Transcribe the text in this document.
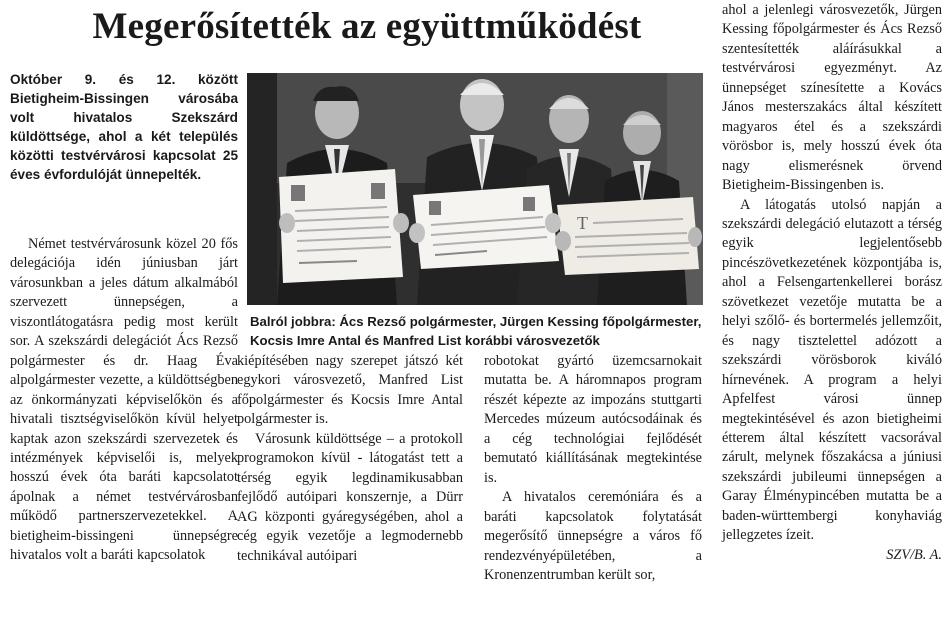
Megerősítették az együttműködést

Október 9. és 12. között Bietigheim-Bissingen városába volt hivatalos Szekszárd küldöttsége, ahol a két település közötti testvérvárosi kapcsolat 25 éves évfordulóját ünnepelték.

Német testvérvárosunk közel 20 fős delegációja idén júniusban járt városunkban a jeles dátum alkalmából szervezett ünnepségen, a viszontlátogatásra pedig most került sor. A szekszárdi delegációt Ács Rezső polgármester és dr. Haag Éva alpolgármester vezette, a küldöttségben az önkormányzati képviselőkön és a hivatali tisztségviselőkön kívül helyet kaptak azon szekszárdi szervezetek és intézmények képviselői is, melyek hosszú évek óta baráti kapcsolatot ápolnak a német testvérvárosban működő partnerszervezetekkel. A bietigheim-bissingeni ünnepségre hivatalos volt a baráti kapcsolatok

T

Balról jobbra: Ács Rezső polgármester, Jürgen Kessing főpolgármester, Kocsis Imre Antal és Manfred List korábbi városvezetők

kiépítésében nagy szerepet játszó két egykori városvezető, Manfred List főpolgármester és Kocsis Imre Antal polgármester is.

Városunk küldöttsége – a protokoll programokon kívül - látogatást tett a térség egyik legdinamikusabban fejlődő autóipari konszernje, a Dürr AG központi gyáregységében, ahol a cég egyik vezetője a legmodernebb technikával autóipari

robotokat gyártó üzemcsarnokait mutatta be. A háromnapos program részét képezte az impozáns stuttgarti Mercedes múzeum autócsodáinak és a cég technológiai fejlődését bemutató kiállításának megtekintése is.

A hivatalos ceremóniára és a baráti kapcsolatok folytatását megerősítő ünnepségre a város fő rendezvényépületében, a Kronenzentrumban került sor,

ahol a jelenlegi városvezetők, Jürgen Kessing főpolgármester és Ács Rezső szentesítették aláírásukkal a testvérvárosi egyezményt. Az ünnepséget színesítette a Kovács János mesterszakács által készített magyaros étel és a szekszárdi vörösbor is, mely hosszú évek óta nagy elismerésnek örvend Bietigheim-Bissingenben is.

A látogatás utolsó napján a szekszárdi delegáció elutazott a térség egyik legjelentősebb pincészövetkezetének központjába is, ahol a Felsengartenkellerei borász szövetkezet vezetője mutatta be a helyi szőlő- és bortermelés jellemzőit, és nagy tisztelettel adózott a szekszárdi vörösborok kiváló hírnevének. A program a helyi Apfelfest városi ünnep megtekintésével és azon bietigheimi étterem által készített vacsorával zárult, melynek főszakácsa a júniusi szekszárdi jubileumi ünnepségen a Garay Élménypincében mutatta be a baden-württembergi konyhaviág jellegzetes ízeit.

SZV/B. A.
